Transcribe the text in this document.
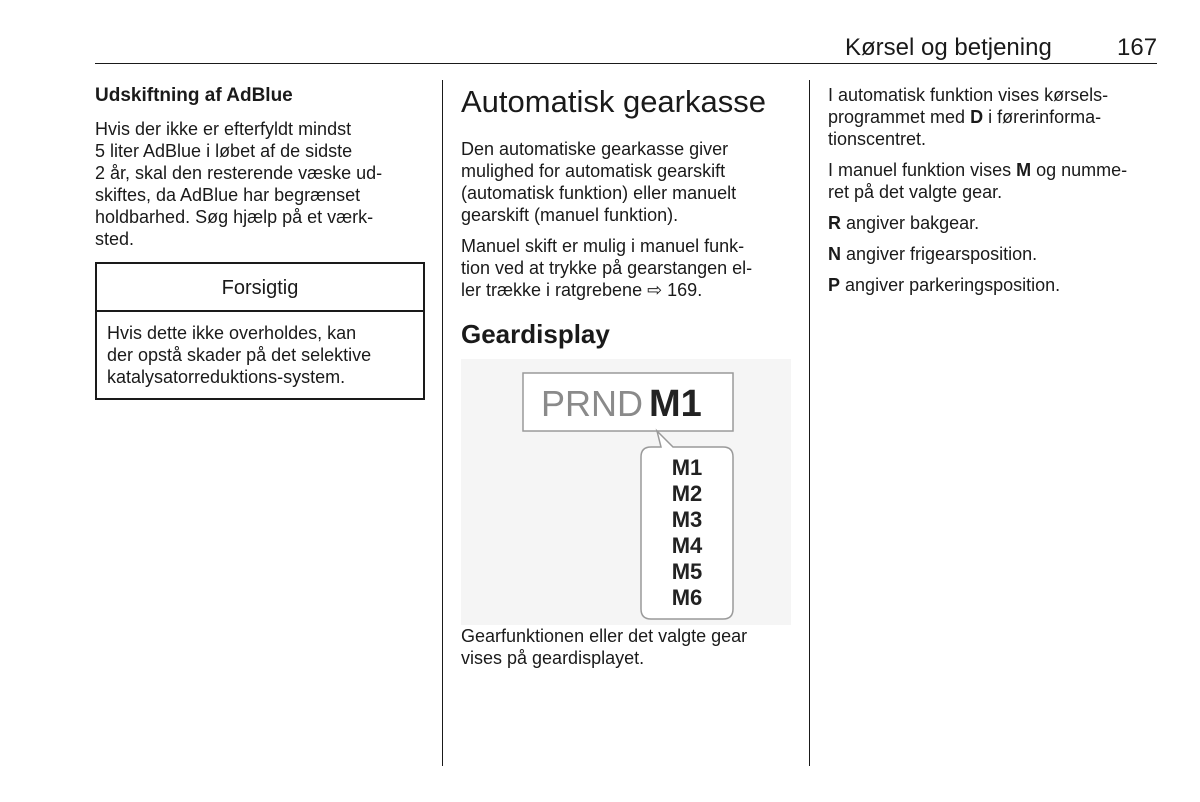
Kørsel og betjening	167
Udskiftning af AdBlue

Hvis der ikke er efterfyldt mindst
5 liter AdBlue i løbet af de sidste
2 år, skal den resterende væske ud-
skiftes, da AdBlue har begrænset
holdbarhed. Søg hjælp på et værk-
sted.

Forsigtig
Hvis dette ikke overholdes, kan
der opstå skader på det selektive
katalysatorreduktions-system.
Automatisk gearkasse

Den automatiske gearkasse giver
mulighed for automatisk gearskift
(automatisk funktion) eller manuelt
gearskift (manuel funktion).

Manuel skift er mulig i manuel funk-
tion ved at trykke på gearstangen el-
ler trække i ratgrebene ⇨ 169.

Geardisplay
PRND M1
M1
M2
M3
M4
M5
M6

Gearfunktionen eller det valgte gear
vises på geardisplayet.

I automatisk funktion vises kørsels-
programmet med D i førerinforma-
tionscentret.

I manuel funktion vises M og numme-
ret på det valgte gear.

R angiver bakgear.

N angiver frigearsposition.

P angiver parkeringsposition.
